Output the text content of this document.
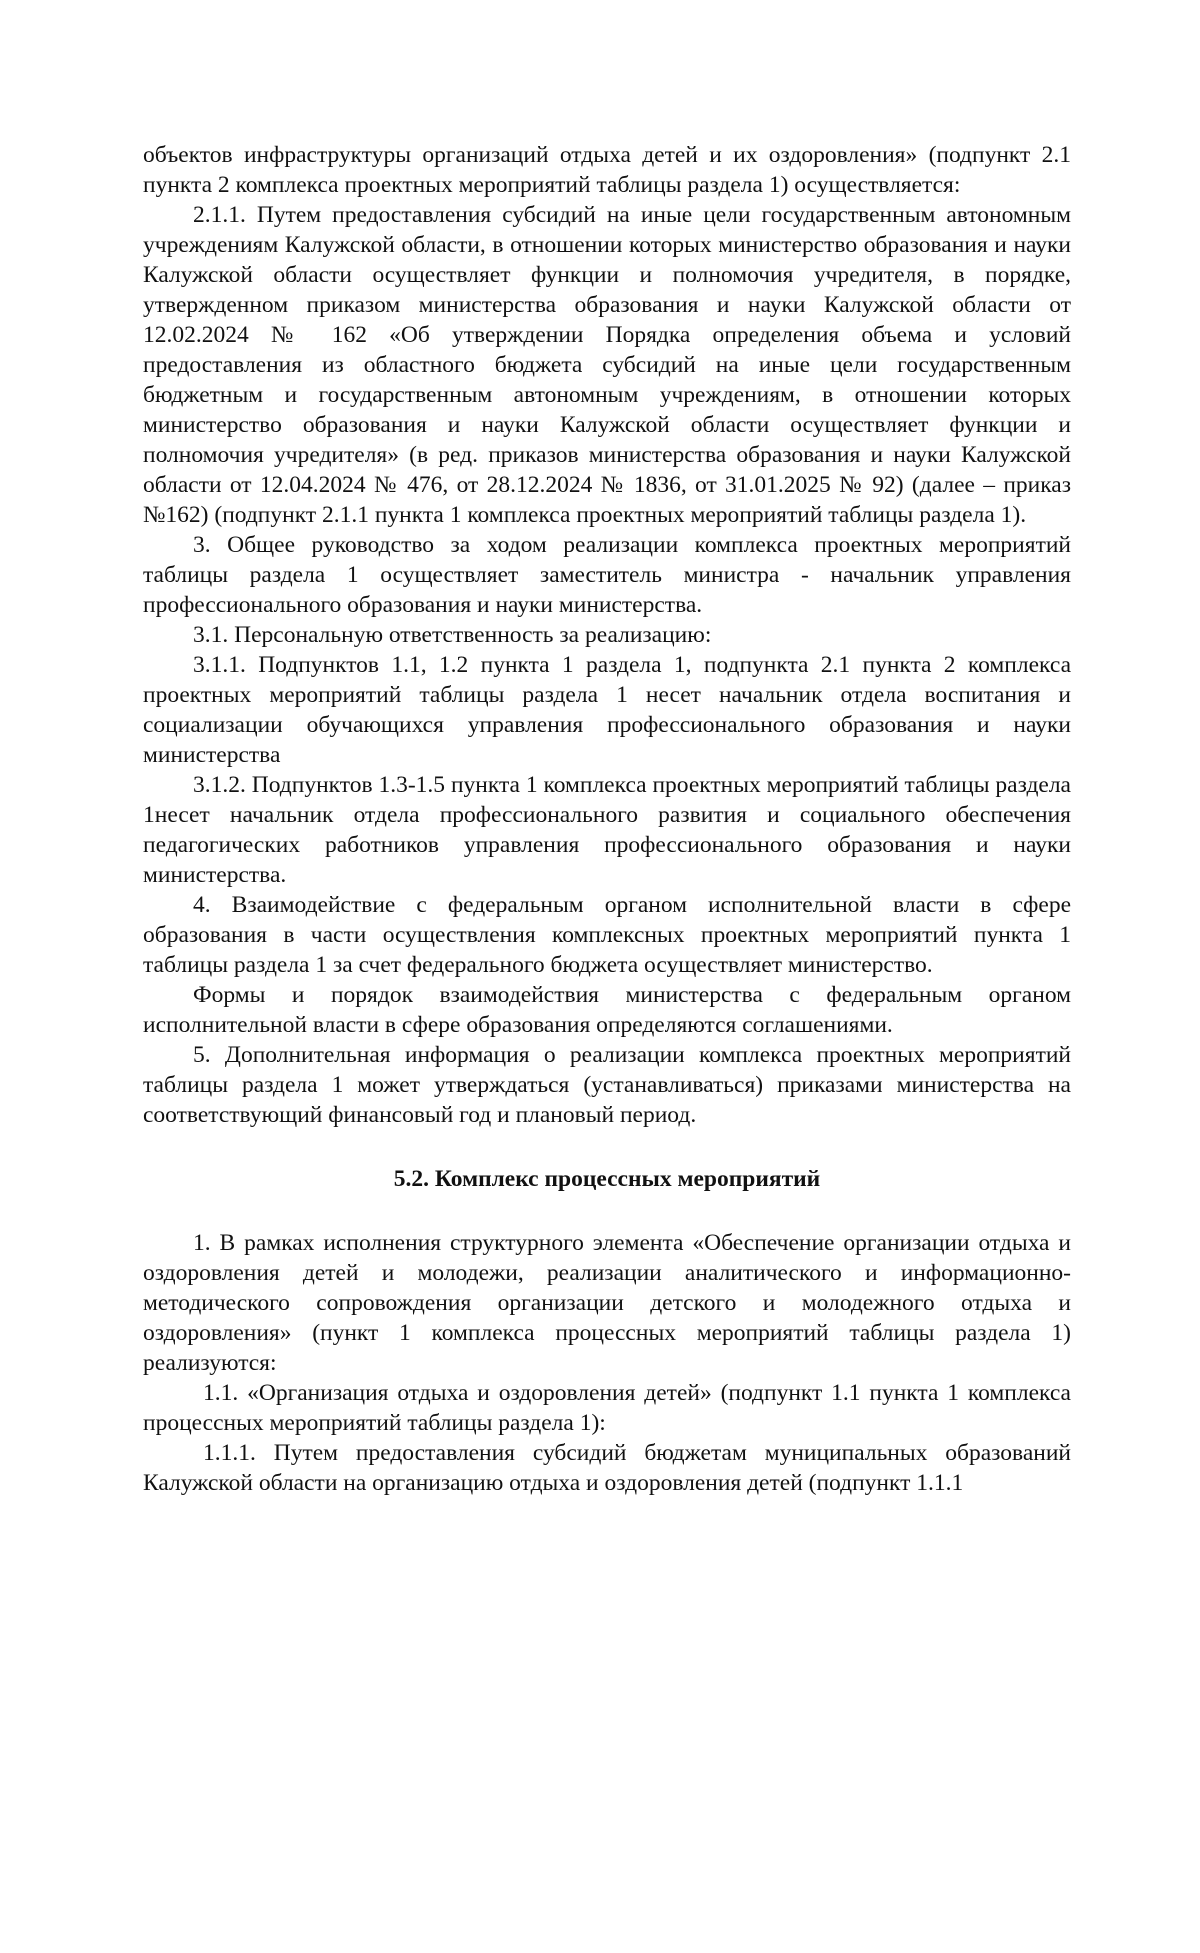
объектов инфраструктуры организаций отдыха детей и их оздоровления» (подпункт 2.1 пункта 2 комплекса проектных мероприятий таблицы раздела 1) осуществляется:

2.1.1. Путем предоставления субсидий на иные цели государственным автономным учреждениям Калужской области, в отношении которых министерство образования и науки Калужской области осуществляет функции и полномочия учредителя, в порядке, утвержденном приказом министерства образования и науки Калужской области от 12.02.2024 № 162 «Об утверждении Порядка определения объема и условий предоставления из областного бюджета субсидий на иные цели государственным бюджетным и государственным автономным учреждениям, в отношении которых министерство образования и науки Калужской области осуществляет функции и полномочия учредителя» (в ред. приказов министерства образования и науки Калужской области от 12.04.2024 № 476, от 28.12.2024 № 1836, от 31.01.2025 № 92) (далее – приказ №162) (подпункт 2.1.1 пункта 1 комплекса проектных мероприятий таблицы раздела 1).

3. Общее руководство за ходом реализации комплекса проектных мероприятий таблицы раздела 1 осуществляет заместитель министра - начальник управления профессионального образования и науки министерства.

3.1. Персональную ответственность за реализацию:

3.1.1. Подпунктов 1.1, 1.2 пункта 1 раздела 1, подпункта 2.1 пункта 2 комплекса проектных мероприятий таблицы раздела 1 несет начальник отдела воспитания и социализации обучающихся управления профессионального образования и науки министерства

3.1.2. Подпунктов 1.3-1.5 пункта 1 комплекса проектных мероприятий таблицы раздела 1несет начальник отдела профессионального развития и социального обеспечения педагогических работников управления профессионального образования и науки министерства.

4. Взаимодействие с федеральным органом исполнительной власти в сфере образования в части осуществления комплексных проектных мероприятий пункта 1 таблицы раздела 1 за счет федерального бюджета осуществляет министерство.

Формы и порядок взаимодействия министерства с федеральным органом исполнительной власти в сфере образования определяются соглашениями.

5. Дополнительная информация о реализации комплекса проектных мероприятий таблицы раздела 1 может утверждаться (устанавливаться) приказами министерства на соответствующий финансовый год и плановый период.

5.2. Комплекс процессных мероприятий

1. В рамках исполнения структурного элемента «Обеспечение организации отдыха и оздоровления детей и молодежи, реализации аналитического и информационно-методического сопровождения организации детского и молодежного отдыха и оздоровления» (пункт 1 комплекса процессных мероприятий таблицы раздела 1) реализуются:

1.1. «Организация отдыха и оздоровления детей» (подпункт 1.1 пункта 1 комплекса процессных мероприятий таблицы раздела 1):

1.1.1. Путем предоставления субсидий бюджетам муниципальных образований Калужской области на организацию отдыха и оздоровления детей (подпункт 1.1.1
